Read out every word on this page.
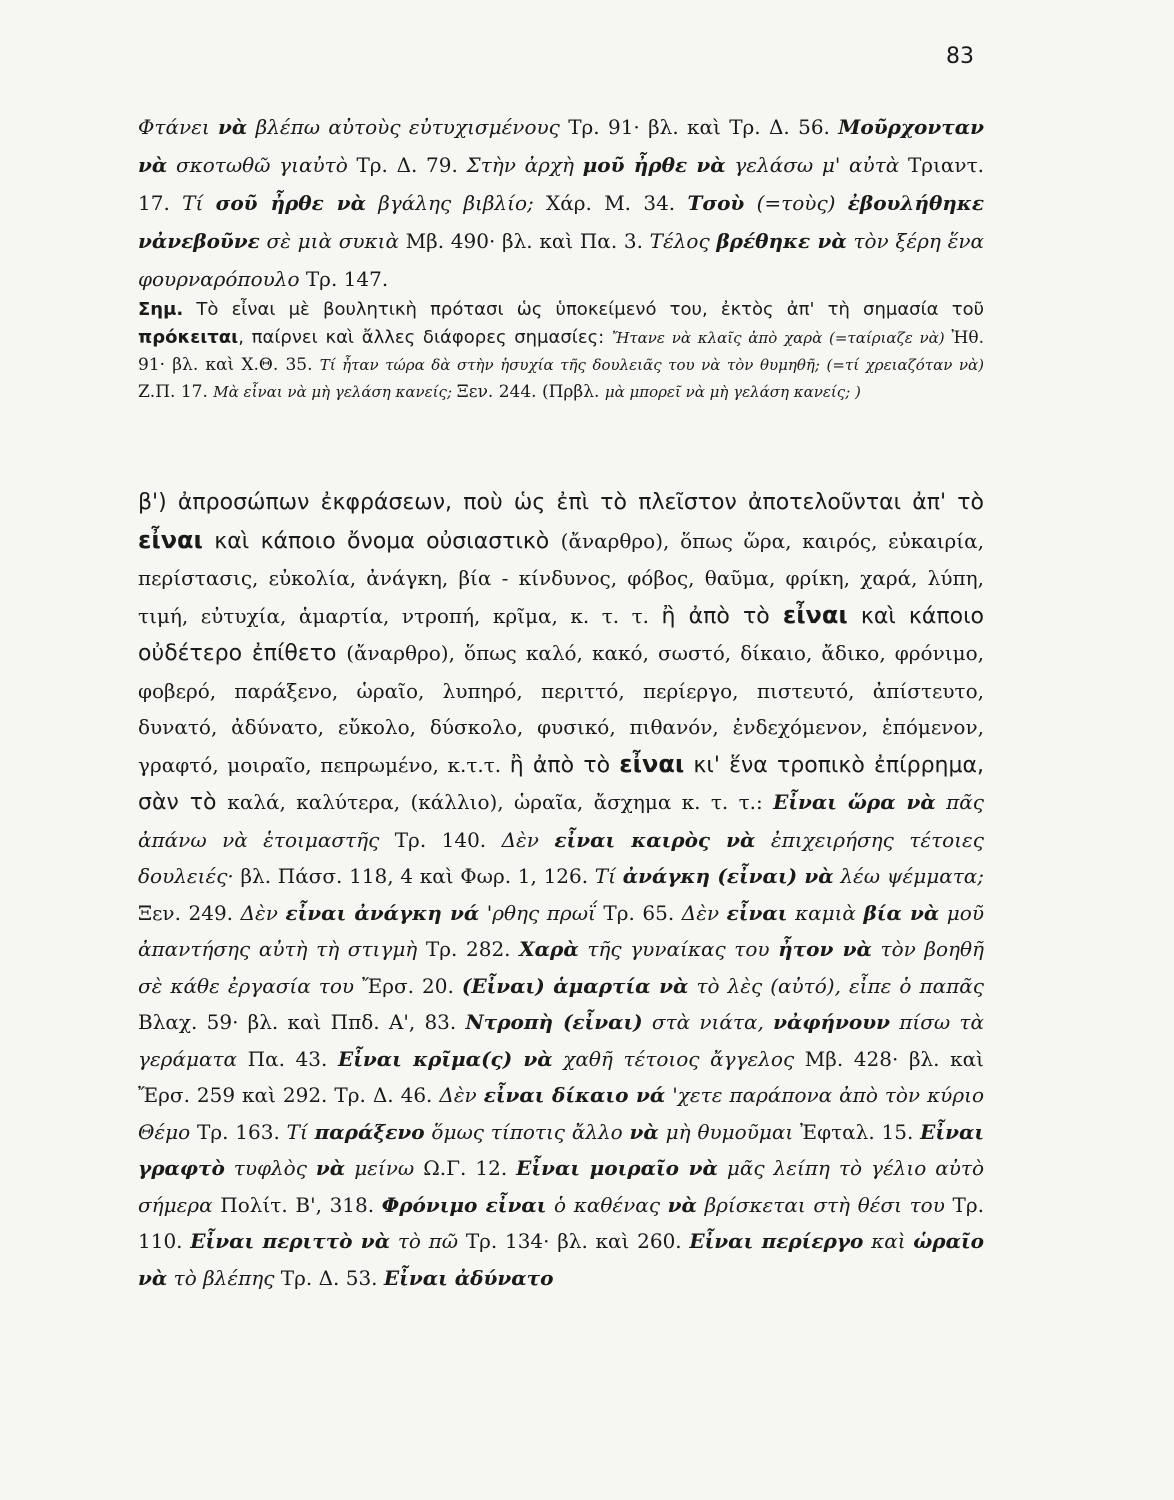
83
Φτάνει νὰ βλέπω αὐτοὺς εὐτυχισμένους Τρ. 91· βλ. καὶ Τρ. Δ. 56. Μοῦρχονταν νὰ σκοτωθῶ γιαὐτὸ Τρ. Δ. 79. Στὴν ἀρχὴ μοῦ ἦρθε νὰ γελάσω μ' αὐτὰ Τριαντ. 17. Τί σοῦ ἦρθε νὰ βγάλης βιβλίο; Χάρ. Μ. 34. Τσοὺ (=τοὺς) ἐβουλήθηκε νἀνεβοῦνε σὲ μιὰ συκιὰ Μβ. 490· βλ. καὶ Πα. 3. Τέλος βρέθηκε νὰ τὸν ξέρη ἕνα φουρναρόπουλο Τρ. 147.
Σημ. Τὸ εἶναι μὲ βουλητικὴ πρότασι ὡς ὑποκείμενό του, ἐκτὸς ἀπ' τὴ σημασία τοῦ πρόκειται, παίρνει καὶ ἄλλες διάφορες σημασίες: Ἤτανε νὰ κλαῖς ἀπὸ χαρὰ (=ταίριαζε νὰ) Ἠθ. 91· βλ. καὶ Χ.Θ. 35. Τί ἦταν τώρα δὰ στὴν ἡσυχία τῆς δουλειᾶς του νὰ τὸν θυμηθῆ; (=τί χρειαζόταν νὰ) Ζ.Π. 17. Μὰ εἶναι νὰ μὴ γελάση κανείς; Ξεν. 244. (Πρβλ. μὰ μπορεῖ νὰ μὴ γελάση κανείς; )
β') ἀπροσώπων ἐκφράσεων, ποὺ ὡς ἐπὶ τὸ πλεῖστον ἀποτελοῦνται ἀπ' τὸ εἶναι καὶ κάποιο ὄνομα οὐσιαστικὸ (ἄναρθρο), ὅπως ὥρα, καιρός, εὐκαιρία, περίστασις, εὐκολία, ἀνάγκη, βία - κίνδυνος, φόβος, θαῦμα, φρίκη, χαρά, λύπη, τιμή, εὐτυχία, ἁμαρτία, ντροπή, κρῖμα, κ. τ. τ. ἢ ἀπὸ τὸ εἶναι καὶ κάποιο οὐδέτερο ἐπίθετο (ἄναρθρο), ὅπως καλό, κακό, σωστό, δίκαιο, ἄδικο, φρόνιμο, φοβερό, παράξενο, ὡραῖο, λυπηρό, περιττό, περίεργο, πιστευτό, ἀπίστευτο, δυνατό, ἀδύνατο, εὔκολο, δύσκολο, φυσικό, πιθανόν, ἐνδεχόμενον, ἑπόμενον, γραφτό, μοιραῖο, πεπρωμένο, κ.τ.τ. ἢ ἀπὸ τὸ εἶναι κι' ἕνα τροπικὸ ἐπίρρημα, σὰν τὸ καλά, καλύτερα, (κάλλιο), ὡραῖα, ἄσχημα κ. τ. τ.: Εἶναι ὥρα νὰ πᾶς ἀπάνω νὰ ἑτοιμαστῆς Τρ. 140. Δὲν εἶναι καιρὸς νὰ ἐπιχειρήσης τέτοιες δουλειές· βλ. Πάσσ. 118, 4 καὶ Φωρ. 1, 126. Τί ἀνάγκη (εἶναι) νὰ λέω ψέμματα; Ξεν. 249. Δὲν εἶναι ἀνάγκη νά 'ρθης πρωΐ Τρ. 65. Δὲν εἶναι καμιὰ βία νὰ μοῦ ἀπαντήσης αὐτὴ τὴ στιγμὴ Τρ. 282. Χαρὰ τῆς γυναίκας του ἦτον νὰ τὸν βοηθῆ σὲ κάθε ἐργασία του Ἔρσ. 20. (Εἶναι) ἁμαρτία νὰ τὸ λὲς (αὐτό), εἶπε ὁ παπᾶς Βλαχ. 59· βλ. καὶ Ππδ. Α', 83. Ντροπὴ (εἶναι) στὰ νιάτα, νἀφήνουν πίσω τὰ γεράματα Πα. 43. Εἶναι κρῖμα(ς) νὰ χαθῆ τέτοιος ἄγγελος Μβ. 428· βλ. καὶ Ἔρσ. 259 καὶ 292. Τρ. Δ. 46. Δὲν εἶναι δίκαιο νά 'χετε παράπονα ἀπὸ τὸν κύριο Θέμο Τρ. 163. Τί παράξενο ὅμως τίποτις ἄλλο νὰ μὴ θυμοῦμαι Ἐφταλ. 15. Εἶναι γραφτὸ τυφλὸς νὰ μείνω Ω.Γ. 12. Εἶναι μοιραῖο νὰ μᾶς λείπη τὸ γέλιο αὐτὸ σήμερα Πολίτ. Β', 318. Φρόνιμο εἶναι ὁ καθένας νὰ βρίσκεται στὴ θέσι του Τρ. 110. Εἶναι περιττὸ νὰ τὸ πῶ Τρ. 134· βλ. καὶ 260. Εἶναι περίεργο καὶ ὡραῖο νὰ τὸ βλέπης Τρ. Δ. 53. Εἶναι ἀδύνατο
